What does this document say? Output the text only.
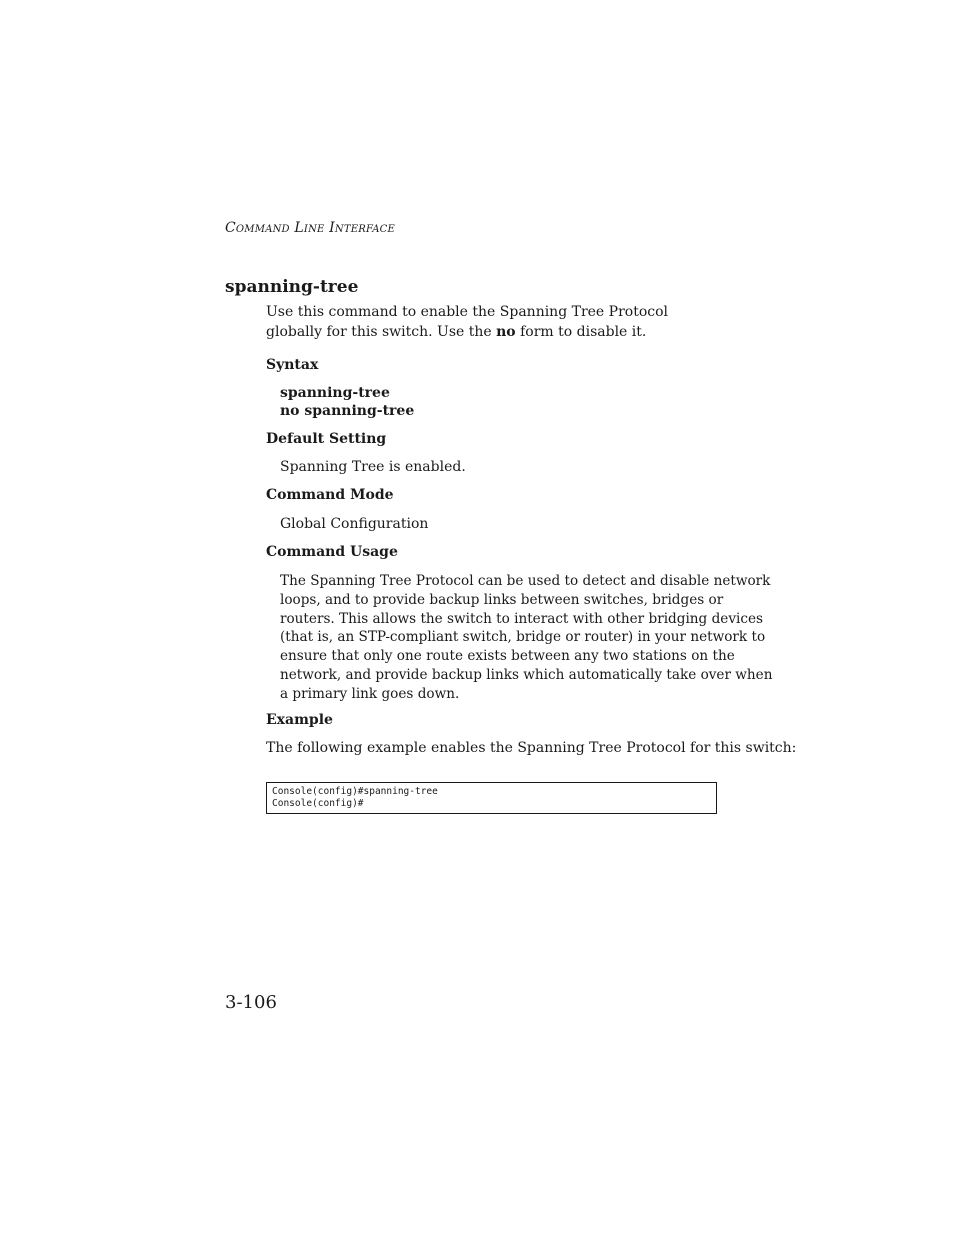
Command Line Interface
spanning-tree
Use this command to enable the Spanning Tree Protocol globally for this switch. Use the no form to disable it.
Syntax
spanning-tree
no spanning-tree
Default Setting
Spanning Tree is enabled.
Command Mode
Global Configuration
Command Usage
The Spanning Tree Protocol can be used to detect and disable network
loops, and to provide backup links between switches, bridges or
routers. This allows the switch to interact with other bridging devices
(that is, an STP-compliant switch, bridge or router) in your network to
ensure that only one route exists between any two stations on the
network, and provide backup links which automatically take over when
a primary link goes down.
Example
The following example enables the Spanning Tree Protocol for this switch:
Console(config)#spanning-tree
Console(config)#
3-106
